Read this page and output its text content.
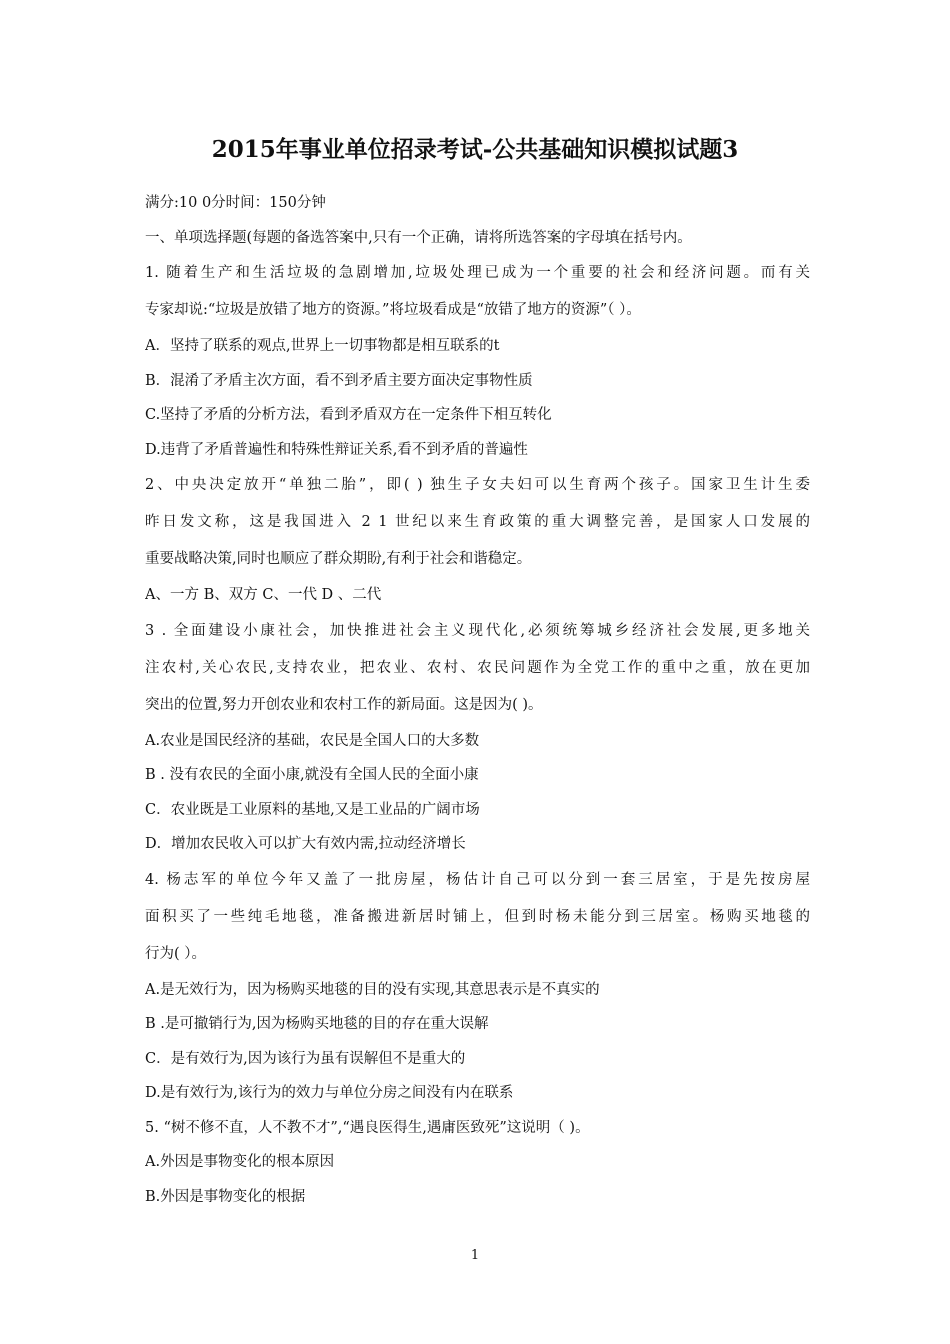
2015年事业单位招录考试-公共基础知识模拟试题3
满分:10 0分时间：150分钟
一、单项选择题(每题的备选答案中,只有一个正确，请将所选答案的字母填在括号内。
1. 随着生产和生活垃圾的急剧增加,垃圾处理已成为一个重要的社会和经济问题。而有关
专家却说:“垃圾是放错了地方的资源。”将垃圾看成是“放错了地方的资源”（ ）。
A．坚持了联系的观点,世界上一切事物都是相互联系的t
B．混淆了矛盾主次方面，看不到矛盾主要方面决定事物性质
C.坚持了矛盾的分析方法，看到矛盾双方在一定条件下相互转化
D.违背了矛盾普遍性和特殊性辩证关系,看不到矛盾的普遍性
2、中央决定放开“单独二胎”，即( ) 独生子女夫妇可以生育两个孩子。国家卫生计生委
昨日发文称，这是我国进入 2 1 世纪以来生育政策的重大调整完善，是国家人口发展的
重要战略决策,同时也顺应了群众期盼,有利于社会和谐稳定。
A、一方 B、双方 C、一代 D 、二代
3 . 全面建设小康社会，加快推进社会主义现代化,必须统筹城乡经济社会发展,更多地关
注农村,关心农民,支持农业，把农业、农村、农民问题作为全党工作的重中之重，放在更加
突出的位置,努力开创农业和农村工作的新局面。这是因为( )。
A.农业是国民经济的基础，农民是全国人口的大多数
B . 没有农民的全面小康,就没有全国人民的全面小康
C．农业既是工业原料的基地,又是工业品的广阔市场
D．增加农民收入可以扩大有效内需,拉动经济增长
4. 杨志军的单位今年又盖了一批房屋，杨估计自己可以分到一套三居室，于是先按房屋
面积买了一些纯毛地毯，准备搬进新居时铺上，但到时杨未能分到三居室。杨购买地毯的
行为( ）。
A.是无效行为，因为杨购买地毯的目的没有实现,其意思表示是不真实的
B .是可撤销行为,因为杨购买地毯的目的存在重大误解
C．是有效行为,因为该行为虽有误解但不是重大的
D.是有效行为,该行为的效力与单位分房之间没有内在联系
5. “树不修不直，人不教不才”,“遇良医得生,遇庸医致死”这说明（ )。
A.外因是事物变化的根本原因
B.外因是事物变化的根据
1
